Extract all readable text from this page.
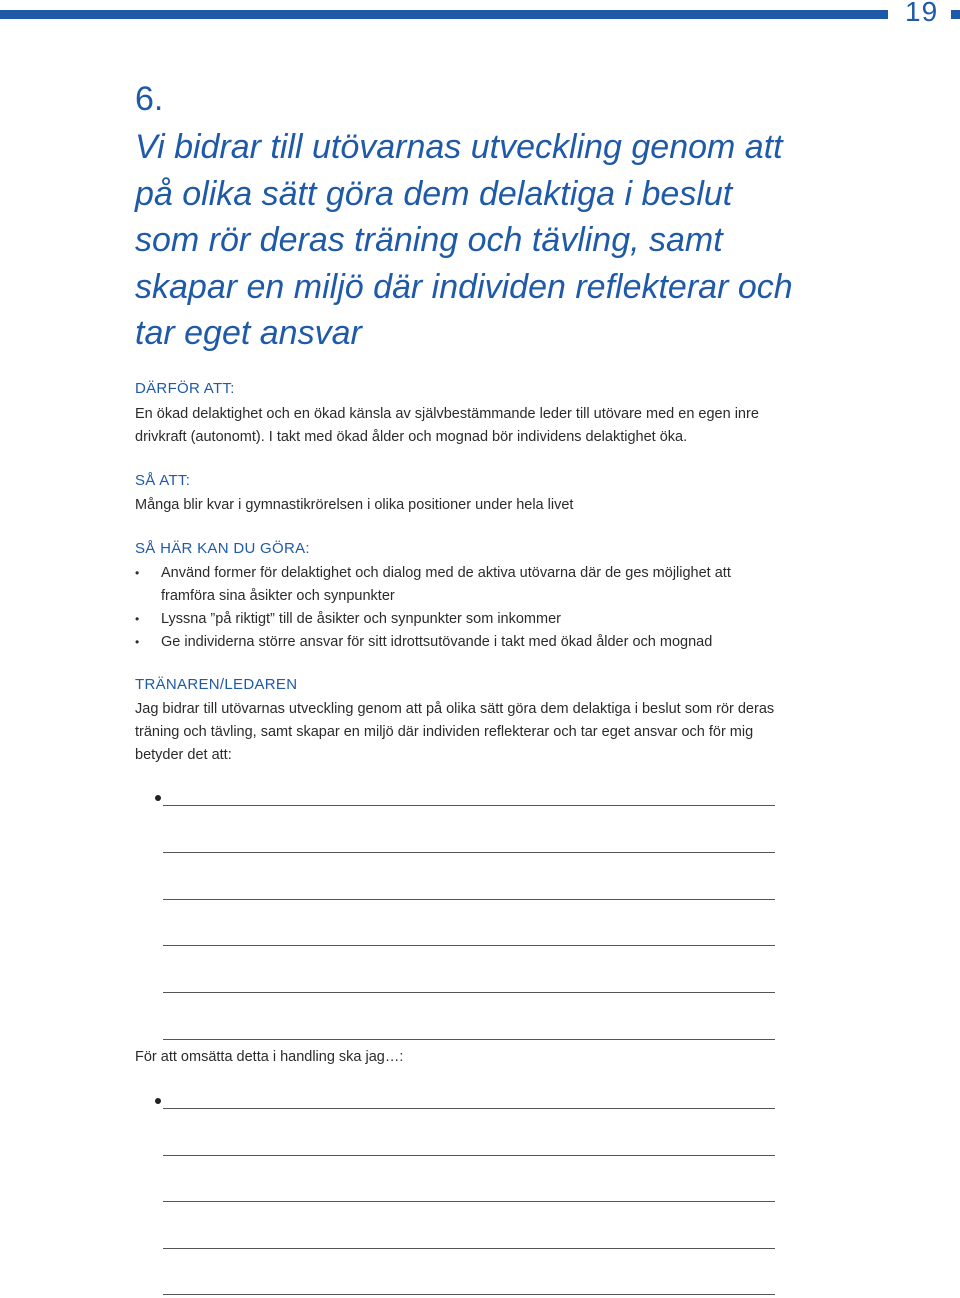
19
6.
Vi bidrar till utövarnas utveckling genom att på olika sätt göra dem delaktiga i beslut som rör deras träning och tävling, samt skapar en miljö där individen reflekterar och tar eget ansvar
DÄRFÖR ATT:
En ökad delaktighet och en ökad känsla av självbestämmande leder till utövare med en egen inre drivkraft (autonomt). I takt med ökad ålder och mognad bör individens delaktighet öka.
SÅ ATT:
Många blir kvar i gymnastikrörelsen i olika positioner under hela livet
SÅ HÄR KAN DU GÖRA:
• Använd former för delaktighet och dialog med de aktiva utövarna där de ges möjlighet att framföra sina åsikter och synpunkter
• Lyssna ”på riktigt” till de åsikter och synpunkter som inkommer
• Ge individerna större ansvar för sitt idrottsutövande i takt med ökad ålder och mognad
TRÄNAREN/LEDAREN
Jag bidrar till utövarnas utveckling genom att på olika sätt göra dem delaktiga i beslut som rör deras träning och tävling, samt skapar en miljö där individen reflekterar och tar eget ansvar och för mig betyder det att:
För att omsätta detta i handling ska jag…:
